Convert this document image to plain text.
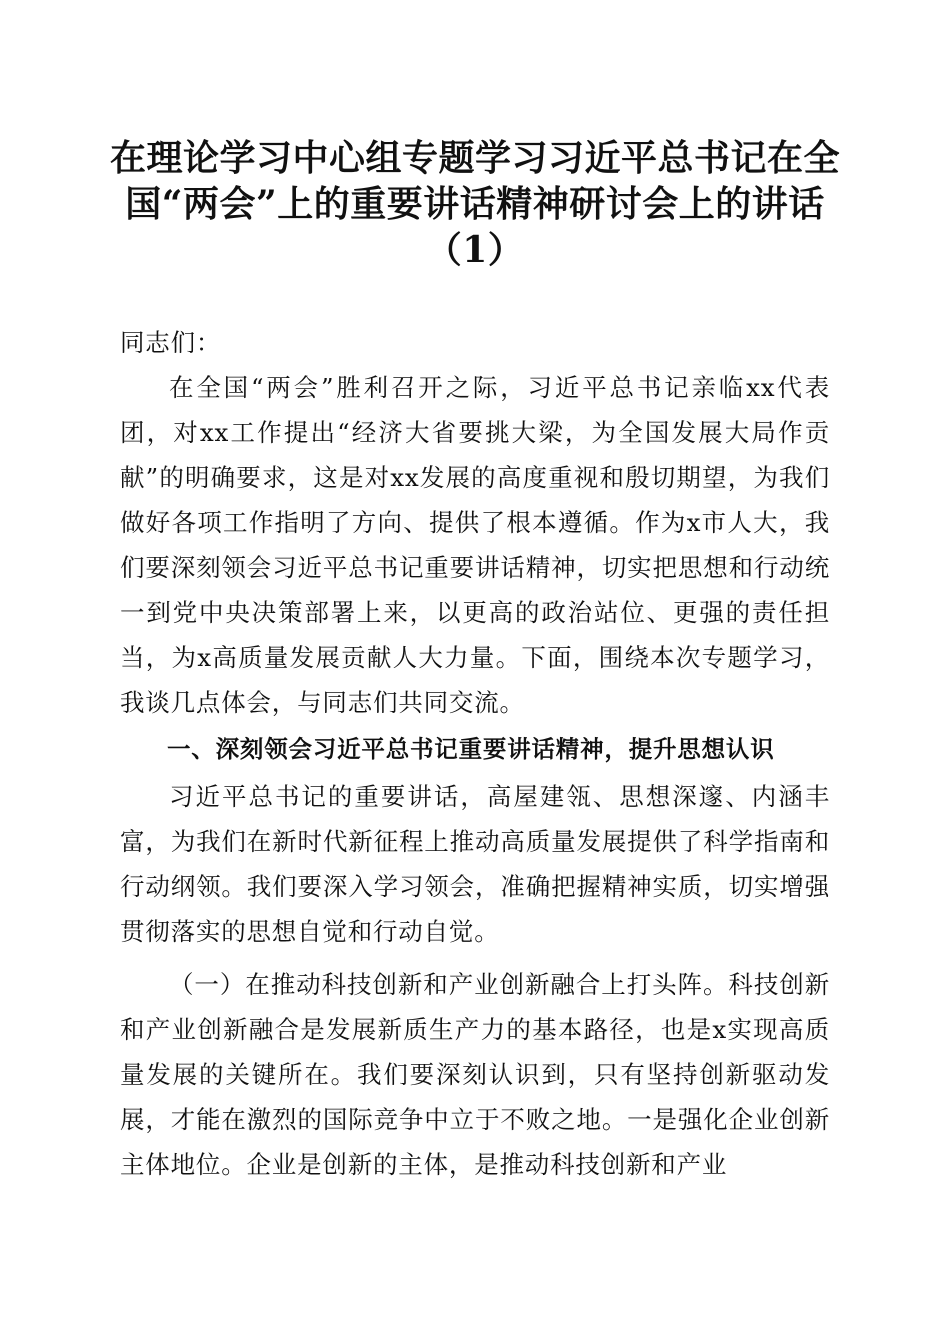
在理论学习中心组专题学习习近平总书记在全
国“两会”上的重要讲话精神研讨会上的讲话
（1）

同志们：

在全国“两会”胜利召开之际，习近平总书记亲临xx代表团，对xx工作提出“经济大省要挑大梁，为全国发展大局作贡献”的明确要求，这是对xx发展的高度重视和殷切期望，为我们做好各项工作指明了方向、提供了根本遵循。作为x市人大，我们要深刻领会习近平总书记重要讲话精神，切实把思想和行动统一到党中央决策部署上来，以更高的政治站位、更强的责任担当，为x高质量发展贡献人大力量。下面，围绕本次专题学习，我谈几点体会，与同志们共同交流。

一、深刻领会习近平总书记重要讲话精神，提升思想认识

习近平总书记的重要讲话，高屋建瓴、思想深邃、内涵丰富，为我们在新时代新征程上推动高质量发展提供了科学指南和行动纲领。我们要深入学习领会，准确把握精神实质，切实增强贯彻落实的思想自觉和行动自觉。

（一）在推动科技创新和产业创新融合上打头阵。科技创新和产业创新融合是发展新质生产力的基本路径，也是x实现高质量发展的关键所在。我们要深刻认识到，只有坚持创新驱动发展，才能在激烈的国际竞争中立于不败之地。一是强化企业创新主体地位。企业是创新的主体，是推动科技创新和产业
